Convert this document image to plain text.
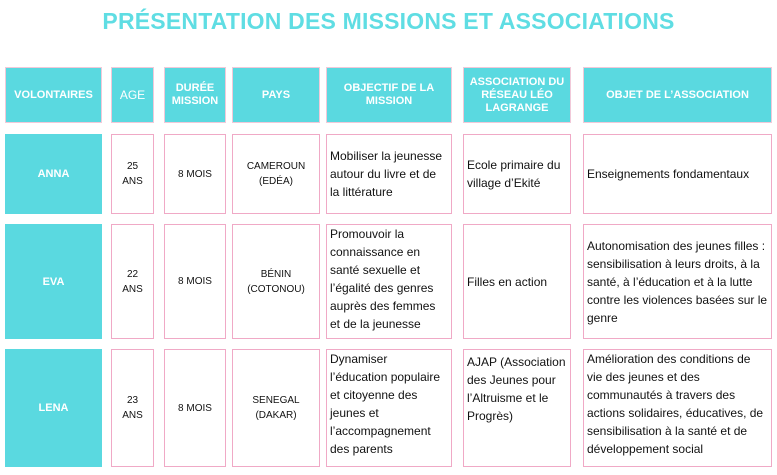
PRÉSENTATION DES MISSIONS ET ASSOCIATIONS
VOLONTAIRES AGE	DURÉE MISSION
PAYS
OBJECTIF DE LA MISSION
ASSOCIATION DU RÉSEAU LÉO LAGRANGE
OBJET DE L’ASSOCIATION
ANNA
25 ANS
8 MOIS
CAMEROUN (EDÉA)
Mobiliser la jeunesse autour du livre et de la littérature
Ecole primaire du village d’Ekité
Enseignements fondamentaux
EVA
22 ANS
8 MOIS
BÉNIN (COTONOU)
Promouvoir la connaissance en santé sexuelle et l’égalité des genres auprès des femmes et de la jeunesse
Filles en action
Autonomisation des jeunes filles : sensibilisation à leurs droits, à la santé, à l’éducation et à la lutte contre les violences basées sur le genre
LENA
23 ANS
8 MOIS
SENEGAL (DAKAR)
Dynamiser l’éducation populaire et citoyenne des jeunes et l’accompagnement des parents
AJAP (Association des Jeunes pour l’Altruisme et le Progrès)
Amélioration des conditions de vie des jeunes et des communautés à travers des actions solidaires, éducatives, de sensibilisation à la santé et de développement social
